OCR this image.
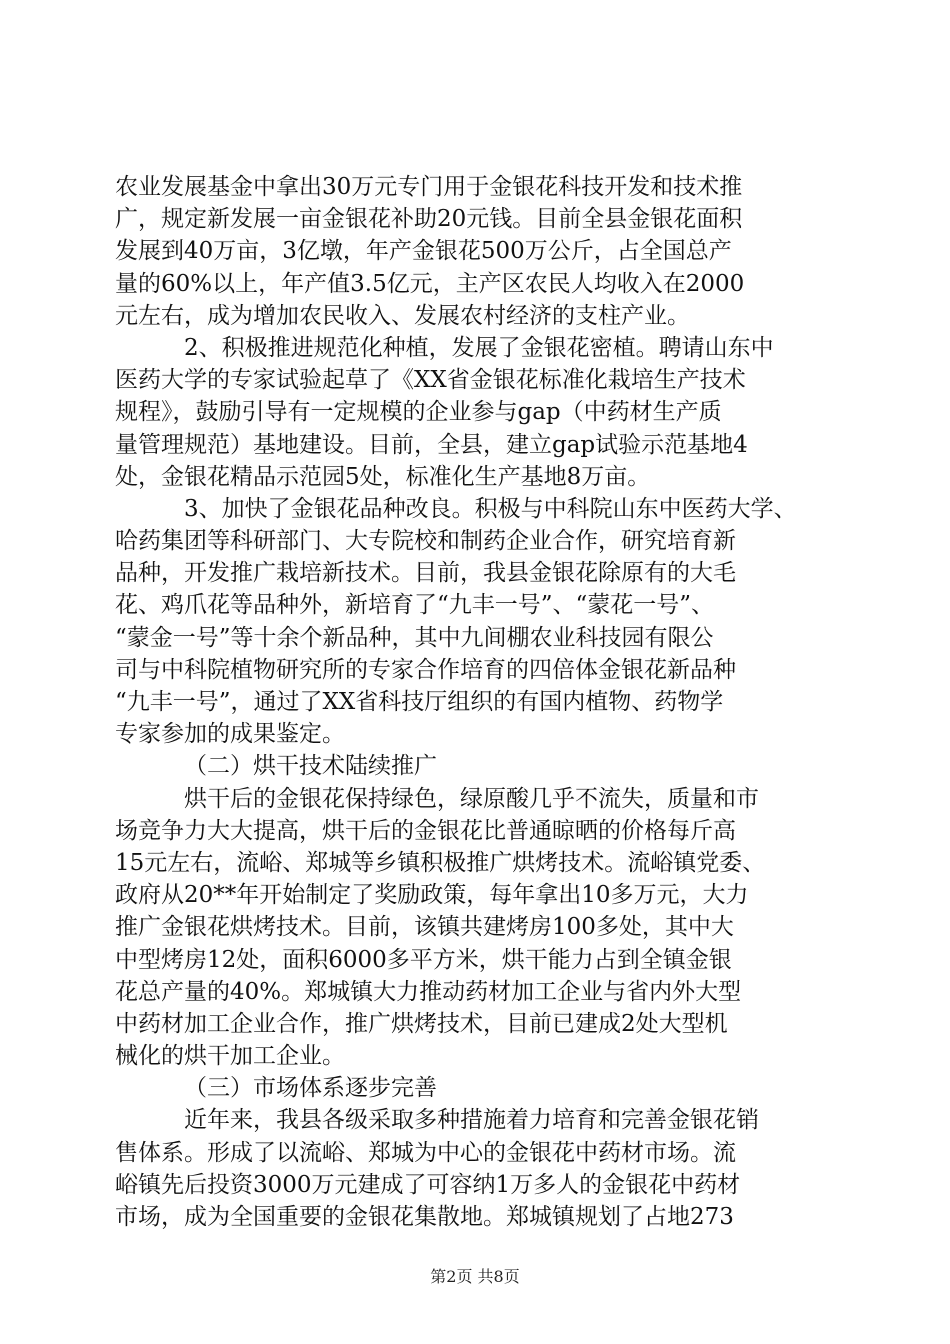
农业发展基金中拿出30万元专门用于金银花科技开发和技术推
广，规定新发展一亩金银花补助20元钱。目前全县金银花面积
发展到40万亩，3亿墩，年产金银花500万公斤，占全国总产
量的60%以上，年产值3.5亿元，主产区农民人均收入在2000
元左右，成为增加农民收入、发展农村经济的支柱产业。
2、积极推进规范化种植，发展了金银花密植。聘请山东中
医药大学的专家试验起草了《XX省金银花标准化栽培生产技术
规程》，鼓励引导有一定规模的企业参与gap（中药材生产质
量管理规范）基地建设。目前，全县，建立gap试验示范基地4
处，金银花精品示范园5处，标准化生产基地8万亩。
3、加快了金银花品种改良。积极与中科院山东中医药大学、
哈药集团等科研部门、大专院校和制药企业合作，研究培育新
品种，开发推广栽培新技术。目前，我县金银花除原有的大毛
花、鸡爪花等品种外，新培育了“九丰一号”、“蒙花一号”、
“蒙金一号”等十余个新品种，其中九间棚农业科技园有限公
司与中科院植物研究所的专家合作培育的四倍体金银花新品种
“九丰一号”，通过了XX省科技厅组织的有国内植物、药物学
专家参加的成果鉴定。
（二）烘干技术陆续推广
烘干后的金银花保持绿色，绿原酸几乎不流失，质量和市
场竞争力大大提高，烘干后的金银花比普通晾晒的价格每斤高
15元左右，流峪、郑城等乡镇积极推广烘烤技术。流峪镇党委、
政府从20**年开始制定了奖励政策，每年拿出10多万元，大力
推广金银花烘烤技术。目前，该镇共建烤房100多处，其中大
中型烤房12处，面积6000多平方米，烘干能力占到全镇金银
花总产量的40%。郑城镇大力推动药材加工企业与省内外大型
中药材加工企业合作，推广烘烤技术，目前已建成2处大型机
械化的烘干加工企业。
（三）市场体系逐步完善
近年来，我县各级采取多种措施着力培育和完善金银花销
售体系。形成了以流峪、郑城为中心的金银花中药材市场。流
峪镇先后投资3000万元建成了可容纳1万多人的金银花中药材
市场，成为全国重要的金银花集散地。郑城镇规划了占地273
第2页 共8页
